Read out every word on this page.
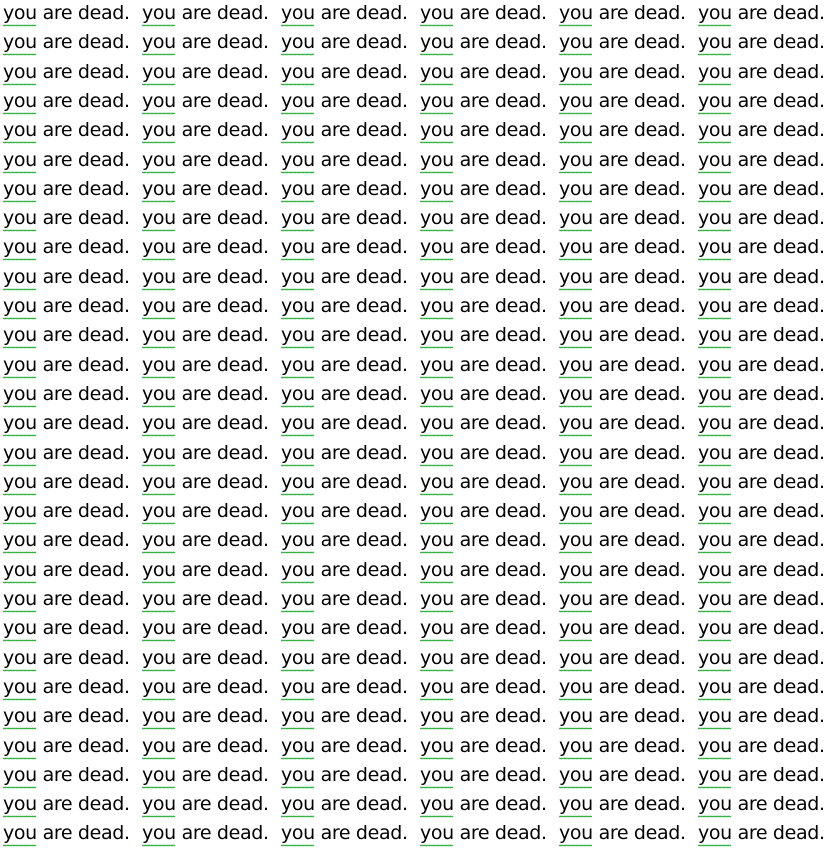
you are dead. you are dead. you are dead. you are dead. you are dead. you are dead.
you are dead. you are dead. you are dead. you are dead. you are dead. you are dead.
you are dead. you are dead. you are dead. you are dead. you are dead. you are dead.
you are dead. you are dead. you are dead. you are dead. you are dead. you are dead.
you are dead. you are dead. you are dead. you are dead. you are dead. you are dead.
you are dead. you are dead. you are dead. you are dead. you are dead. you are dead.
you are dead. you are dead. you are dead. you are dead. you are dead. you are dead.
you are dead. you are dead. you are dead. you are dead. you are dead. you are dead.
you are dead. you are dead. you are dead. you are dead. you are dead. you are dead.
you are dead. you are dead. you are dead. you are dead. you are dead. you are dead.
you are dead. you are dead. you are dead. you are dead. you are dead. you are dead.
you are dead. you are dead. you are dead. you are dead. you are dead. you are dead.
you are dead. you are dead. you are dead. you are dead. you are dead. you are dead.
you are dead. you are dead. you are dead. you are dead. you are dead. you are dead.
you are dead. you are dead. you are dead. you are dead. you are dead. you are dead.
you are dead. you are dead. you are dead. you are dead. you are dead. you are dead.
you are dead. you are dead. you are dead. you are dead. you are dead. you are dead.
you are dead. you are dead. you are dead. you are dead. you are dead. you are dead.
you are dead. you are dead. you are dead. you are dead. you are dead. you are dead.
you are dead. you are dead. you are dead. you are dead. you are dead. you are dead.
you are dead. you are dead. you are dead. you are dead. you are dead. you are dead.
you are dead. you are dead. you are dead. you are dead. you are dead. you are dead.
you are dead. you are dead. you are dead. you are dead. you are dead. you are dead.
you are dead. you are dead. you are dead. you are dead. you are dead. you are dead.
you are dead. you are dead. you are dead. you are dead. you are dead. you are dead.
you are dead. you are dead. you are dead. you are dead. you are dead. you are dead.
you are dead. you are dead. you are dead. you are dead. you are dead. you are dead.
you are dead. you are dead. you are dead. you are dead. you are dead. you are dead.
you are dead. you are dead. you are dead. you are dead. you are dead. you are dead.
